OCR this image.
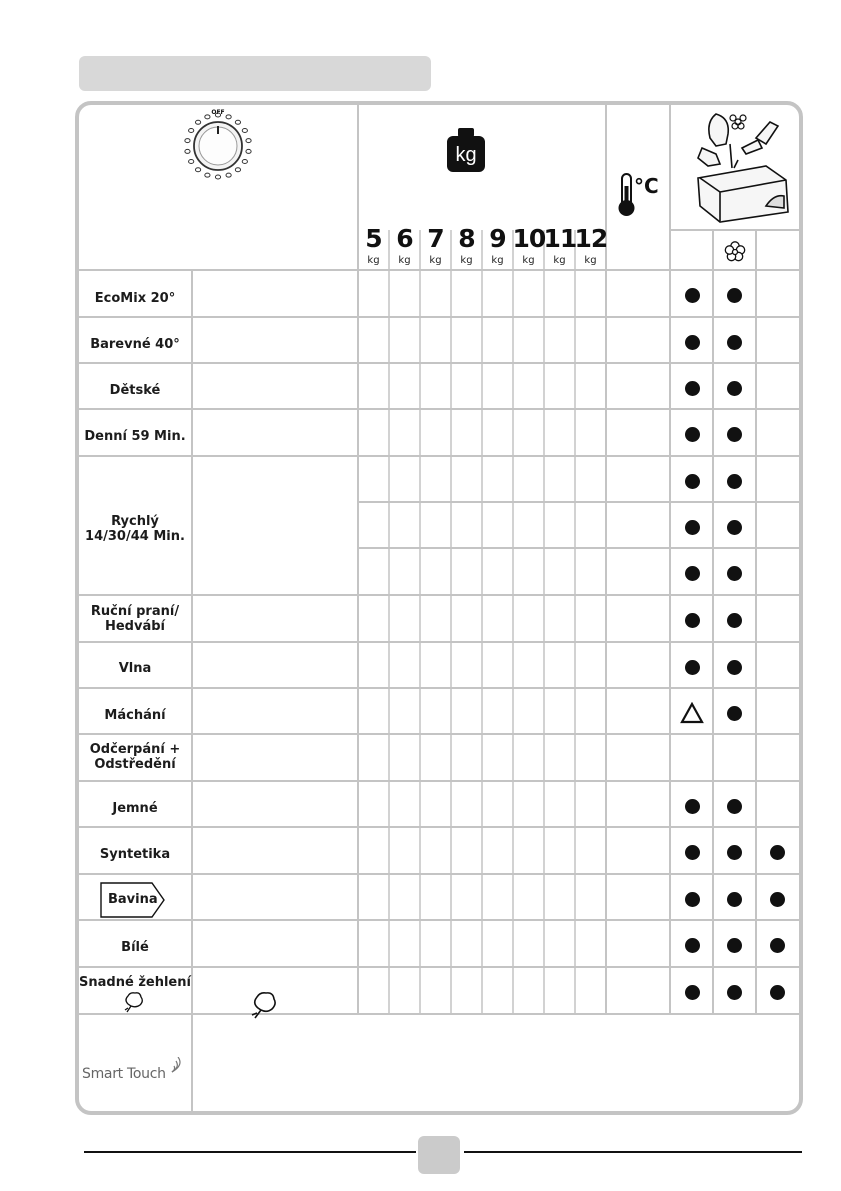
OFF
kg
°C
5
kg
6
kg
7
kg
8
kg
9
kg
10
kg
11
kg
12
kg
EcoMix 20°
Barevné 40°
Dětské
Denní 59 Min.
Rychlý
14/30/44 Min.
Ruční praní/
Hedvábí
Vlna
Máchání
Odčerpání +
Odstředění
Jemné
Syntetika
Bavina
Bílé
Snadné žehlení
Smart Touch
